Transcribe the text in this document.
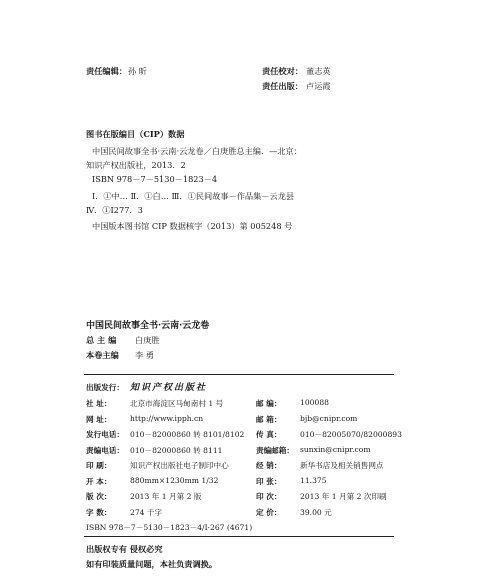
责任编辑： 孙 昕	责任校对： 董志英
责任出版： 卢运霞
图书在版编目（CIP）数据
中国民间故事全书·云南·云龙卷／白庚胜总主编．—北京：
知识产权出版社，2013．2
ISBN 978－7－5130－1823－4
Ⅰ．①中… Ⅱ．①白… Ⅲ．①民间故事－作品集－云龙县
Ⅳ．①I277．3
中国版本图书馆 CIP 数据核字（2013）第 005248 号
中国民间故事全书·云南·云龙卷
总 主 编 白庚胜
本卷主编 李 勇
出版发行： 知识产权出版社
社 址： 北京市海淀区马甸南村 1 号
网 址： http://www.ipph.cn
发行电话： 010－82000860 转 8101/8102
责编电话： 010－82000860 转 8111
印 刷： 知识产权出版社电子制印中心
开 本： 880mm×1230mm 1/32
版 次： 2013 年 1 月第 2 版
字 数： 274 千字
邮 编： 100088
邮 箱： bjb@cnipr.com
传 真： 010－82005070/82000893
责编邮箱： sunxin@cnipr.com
经 销： 新华书店及相关销售网点
印 张： 11.375
印 次： 2013 年 1 月第 2 次印刷
定 价： 39.00 元
ISBN 978－7－5130－1823－4/I·267 (4671)
出版权专有 侵权必究
如有印装质量问题，本社负责调换。
